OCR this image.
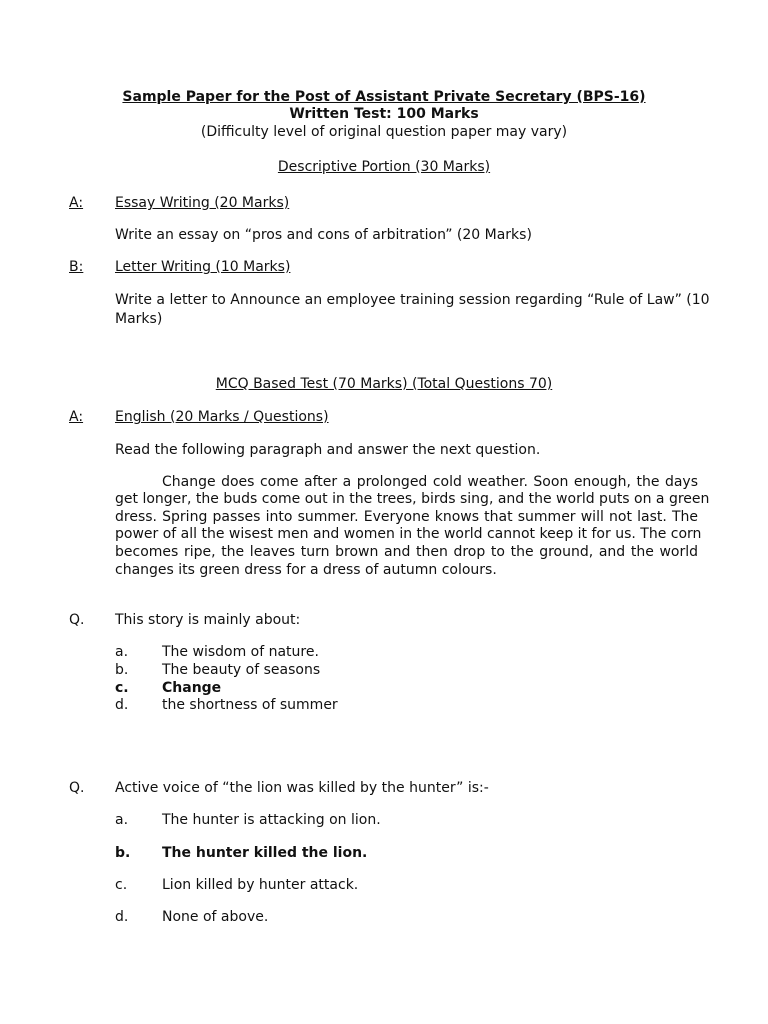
Sample Paper for the Post of Assistant Private Secretary (BPS-16)
Written Test: 100 Marks
(Difficulty level of original question paper may vary)
Descriptive Portion (30 Marks)
A: Essay Writing (20 Marks)
Write an essay on “pros and cons of arbitration” (20 Marks)
B: Letter Writing (10 Marks)
Write a letter to Announce an employee training session regarding “Rule of Law” (10
Marks)
MCQ Based Test (70 Marks) (Total Questions 70)
A: English (20 Marks / Questions)
Read the following paragraph and answer the next question.
Change does come after a prolonged cold weather. Soon enough, the days
get longer, the buds come out in the trees, birds sing, and the world puts on a green
dress. Spring passes into summer. Everyone knows that summer will not last. The
power of all the wisest men and women in the world cannot keep it for us. The corn
becomes ripe, the leaves turn brown and then drop to the ground, and the world
changes its green dress for a dress of autumn colours.
Q. This story is mainly about:
a. The wisdom of nature.
b. The beauty of seasons
c. Change
d. the shortness of summer
Q. Active voice of “the lion was killed by the hunter” is:-
a. The hunter is attacking on lion.
b. The hunter killed the lion.
c. Lion killed by hunter attack.
d. None of above.
